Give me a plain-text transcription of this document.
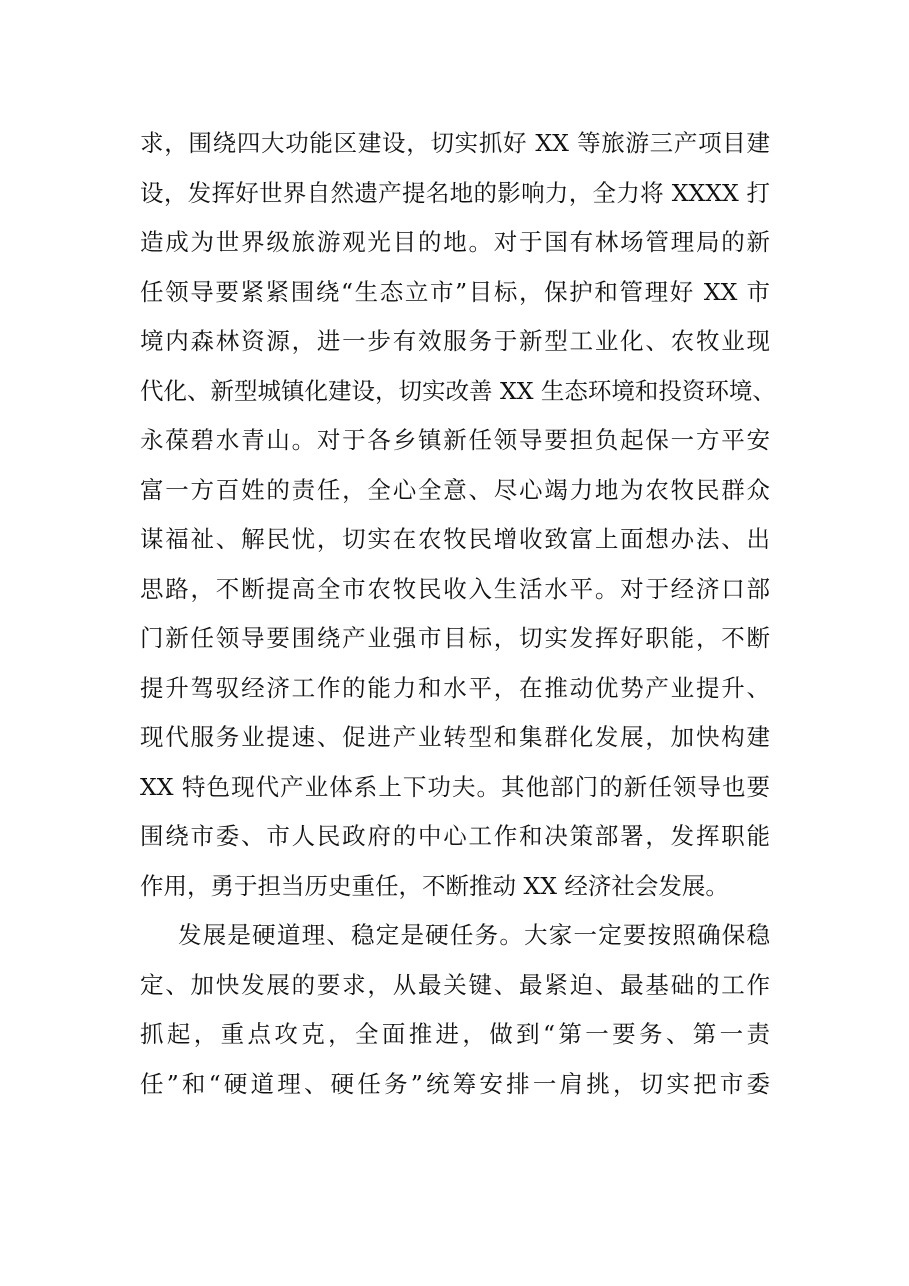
求，围绕四大功能区建设，切实抓好 XX 等旅游三产项目建
设，发挥好世界自然遗产提名地的影响力，全力将 XXXX 打
造成为世界级旅游观光目的地。对于国有林场管理局的新
任领导要紧紧围绕“生态立市”目标，保护和管理好 XX 市
境内森林资源，进一步有效服务于新型工业化、农牧业现
代化、新型城镇化建设，切实改善 XX 生态环境和投资环境、
永葆碧水青山。对于各乡镇新任领导要担负起保一方平安
富一方百姓的责任，全心全意、尽心竭力地为农牧民群众
谋福祉、解民忧，切实在农牧民增收致富上面想办法、出
思路，不断提高全市农牧民收入生活水平。对于经济口部
门新任领导要围绕产业强市目标，切实发挥好职能，不断
提升驾驭经济工作的能力和水平，在推动优势产业提升、
现代服务业提速、促进产业转型和集群化发展，加快构建
XX 特色现代产业体系上下功夫。其他部门的新任领导也要
围绕市委、市人民政府的中心工作和决策部署，发挥职能
作用，勇于担当历史重任，不断推动 XX 经济社会发展。
发展是硬道理、稳定是硬任务。大家一定要按照确保稳
定、加快发展的要求，从最关键、最紧迫、最基础的工作
抓起，重点攻克，全面推进，做到“第一要务、第一责
任”和“硬道理、硬任务”统筹安排一肩挑，切实把市委
